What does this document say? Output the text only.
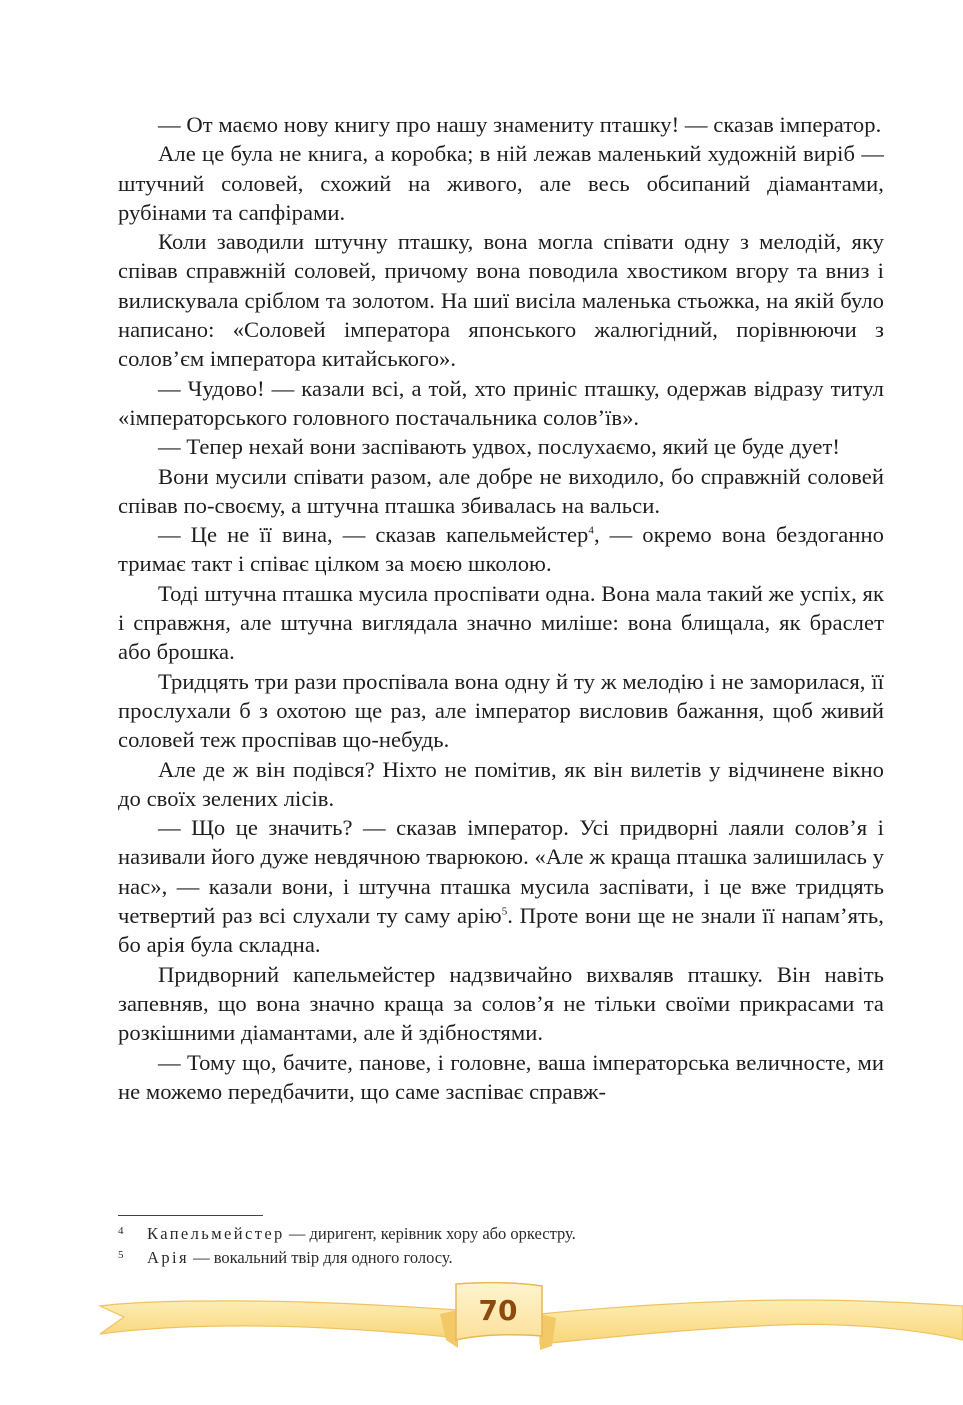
— От маємо нову книгу про нашу знамениту пташку! — сказав імператор.

Але це була не книга, а коробка; в ній лежав маленький художній виріб — штучний соловей, схожий на живого, але весь обсипаний діамантами, рубінами та сапфірами.

Коли заводили штучну пташку, вона могла співати одну з мелодій, яку співав справжній соловей, причому вона поводила хвостиком вгору та вниз і вилискувала сріблом та золотом. На шиї висіла маленька стьожка, на якій було написано: «Соловей імператора японського жалюгідний, порівнюючи з солов’єм імператора китайського».

— Чудово! — казали всі, а той, хто приніс пташку, одержав відразу титул «імператорського головного постачальника солов’їв».

— Тепер нехай вони заспівають удвох, послухаємо, який це буде дует!

Вони мусили співати разом, але добре не виходило, бо справжній соловей співав по-своєму, а штучна пташка збивалась на вальси.

— Це не її вина, — сказав капельмейстер$^4$, — окремо вона бездоганно тримає такт і співає цілком за моєю школою.

Тоді штучна пташка мусила проспівати одна. Вона мала такий же успіх, як і справжня, але штучна виглядала значно миліше: вона блищала, як браслет або брошка.

Тридцять три рази проспівала вона одну й ту ж мелодію і не заморилася, її прослухали б з охотою ще раз, але імператор висловив бажання, щоб живий соловей теж проспівав що-небудь.

Але де ж він подівся? Ніхто не помітив, як він вилетів у відчинене вікно до своїх зелених лісів.

— Що це значить? — сказав імператор. Усі придворні лаяли солов’я і називали його дуже невдячною тварюкою. «Але ж краща пташка залишилась у нас», — казали вони, і штучна пташка мусила заспівати, і це вже тридцять четвертий раз всі слухали ту саму арію$^5$. Проте вони ще не знали її напам’ять, бо арія була складна.

Придворний капельмейстер надзвичайно вихваляв пташку. Він навіть запевняв, що вона значно краща за солов’я не тільки своїми прикрасами та розкішними діамантами, але й здібностями.

— Тому що, бачите, панове, і головне, ваша імператорська величносте, ми не можемо передбачити, що саме заспіває справж-

4	Капельмейстер — диригент, керівник хору або оркестру.
5	Арія — вокальний твір для одного голосу.
70
